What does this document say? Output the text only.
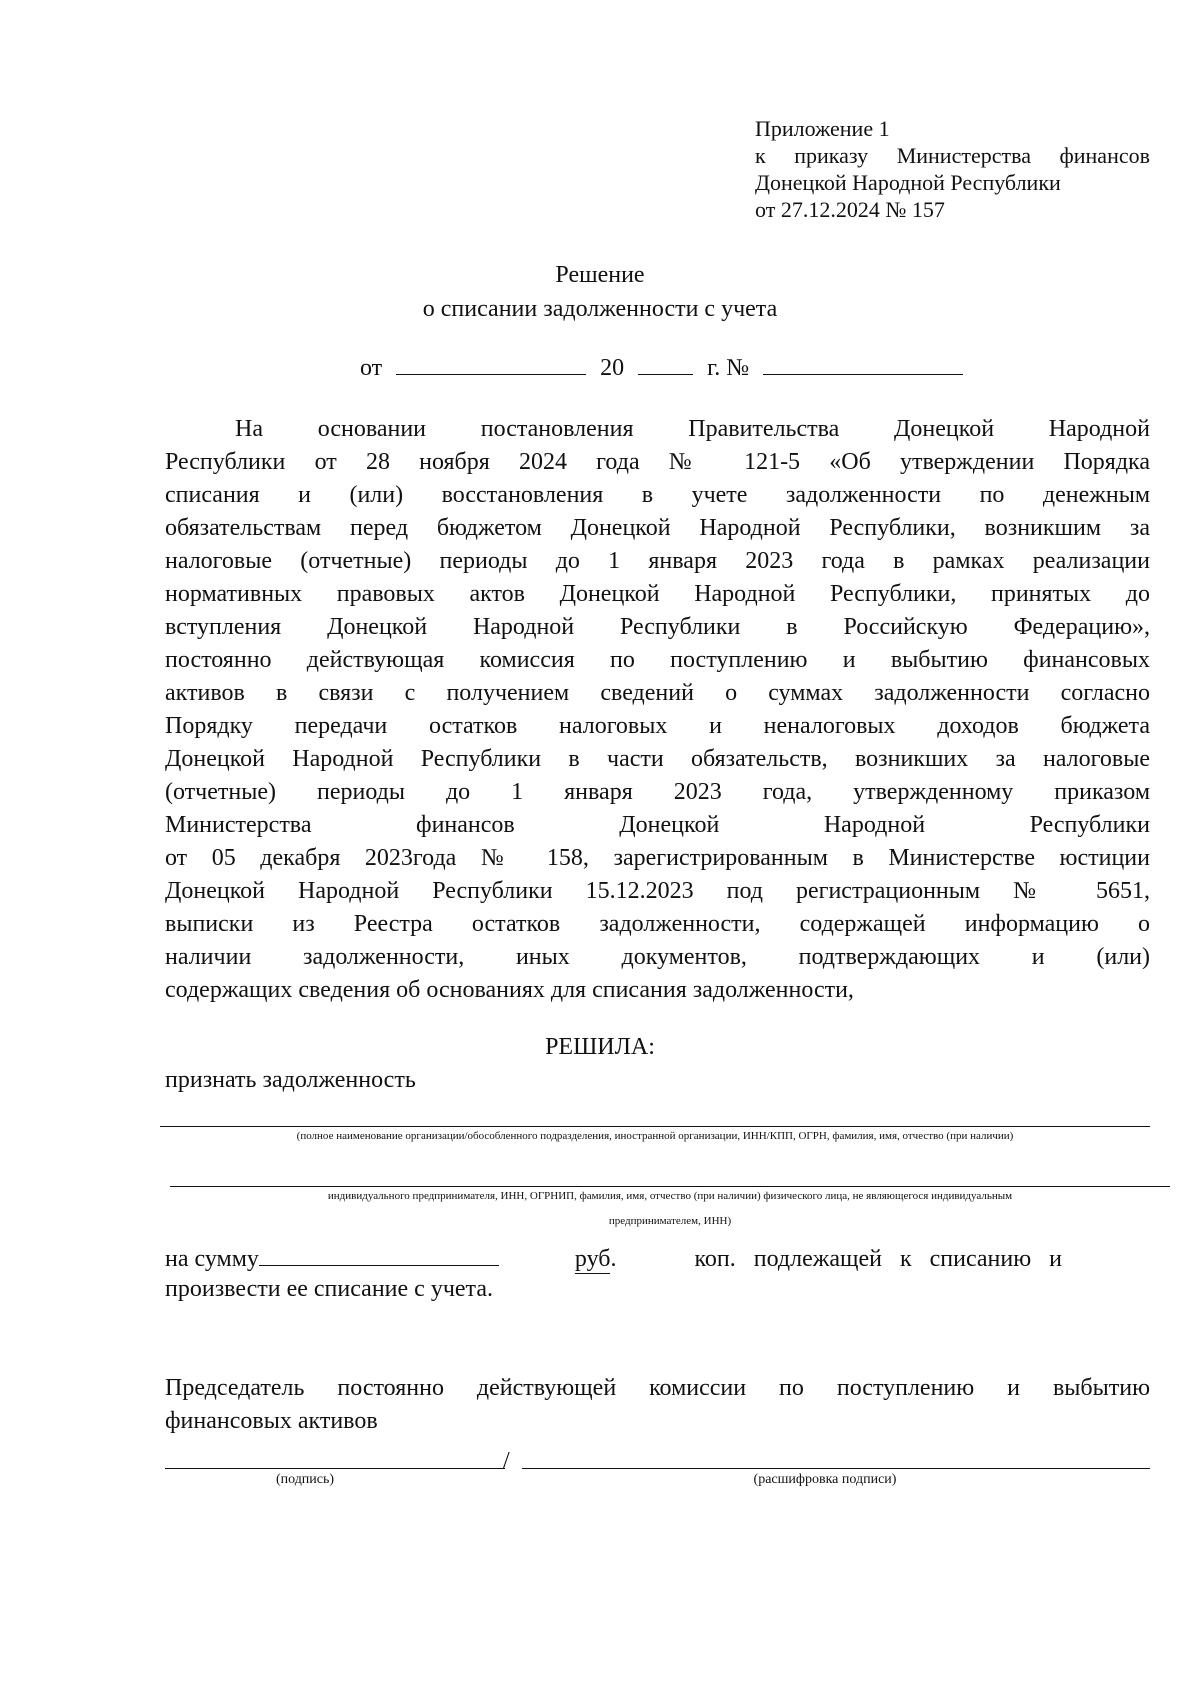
Приложение 1
к приказу Министерства финансов
Донецкой Народной Республики
от 27.12.2024 № 157
Решение
о списании задолженности с учета
от	20	г. №
На основании постановления Правительства Донецкой Народной
Республики от 28 ноября 2024 года № 121-5 «Об утверждении Порядка
списания и (или) восстановления в учете задолженности по денежным
обязательствам перед бюджетом Донецкой Народной Республики, возникшим за
налоговые (отчетные) периоды до 1 января 2023 года в рамках реализации
нормативных правовых актов Донецкой Народной Республики, принятых до
вступления Донецкой Народной Республики в Российскую Федерацию»,
постоянно действующая комиссия по поступлению и выбытию финансовых
активов в связи с получением сведений о суммах задолженности согласно
Порядку передачи остатков налоговых и неналоговых доходов бюджета
Донецкой Народной Республики в части обязательств, возникших за налоговые
(отчетные) периоды до 1 января 2023 года, утвержденному приказом
Министерства финансов Донецкой Народной Республики
от 05 декабря 2023года № 158, зарегистрированным в Министерстве юстиции
Донецкой Народной Республики 15.12.2023 под регистрационным № 5651,
выписки из Реестра остатков задолженности, содержащей информацию о
наличии задолженности, иных документов, подтверждающих и (или)
содержащих сведения об основаниях для списания задолженности,
РЕШИЛА:
признать задолженность
(полное наименование организации/обособленного подразделения, иностранной организации, ИНН/КПП, ОГРН, фамилия, имя, отчество (при наличии)
индивидуального предпринимателя, ИНН, ОГРНИП, фамилия, имя, отчество (при наличии) физического лица, не являющегося индивидуальным
предпринимателем, ИНН)
на сумму	руб.	коп. подлежащей к списанию и
произвести ее списание с учета.
Председатель постоянно действующей комиссии по поступлению и выбытию
финансовых активов
/
(подпись)	(расшифровка подписи)
